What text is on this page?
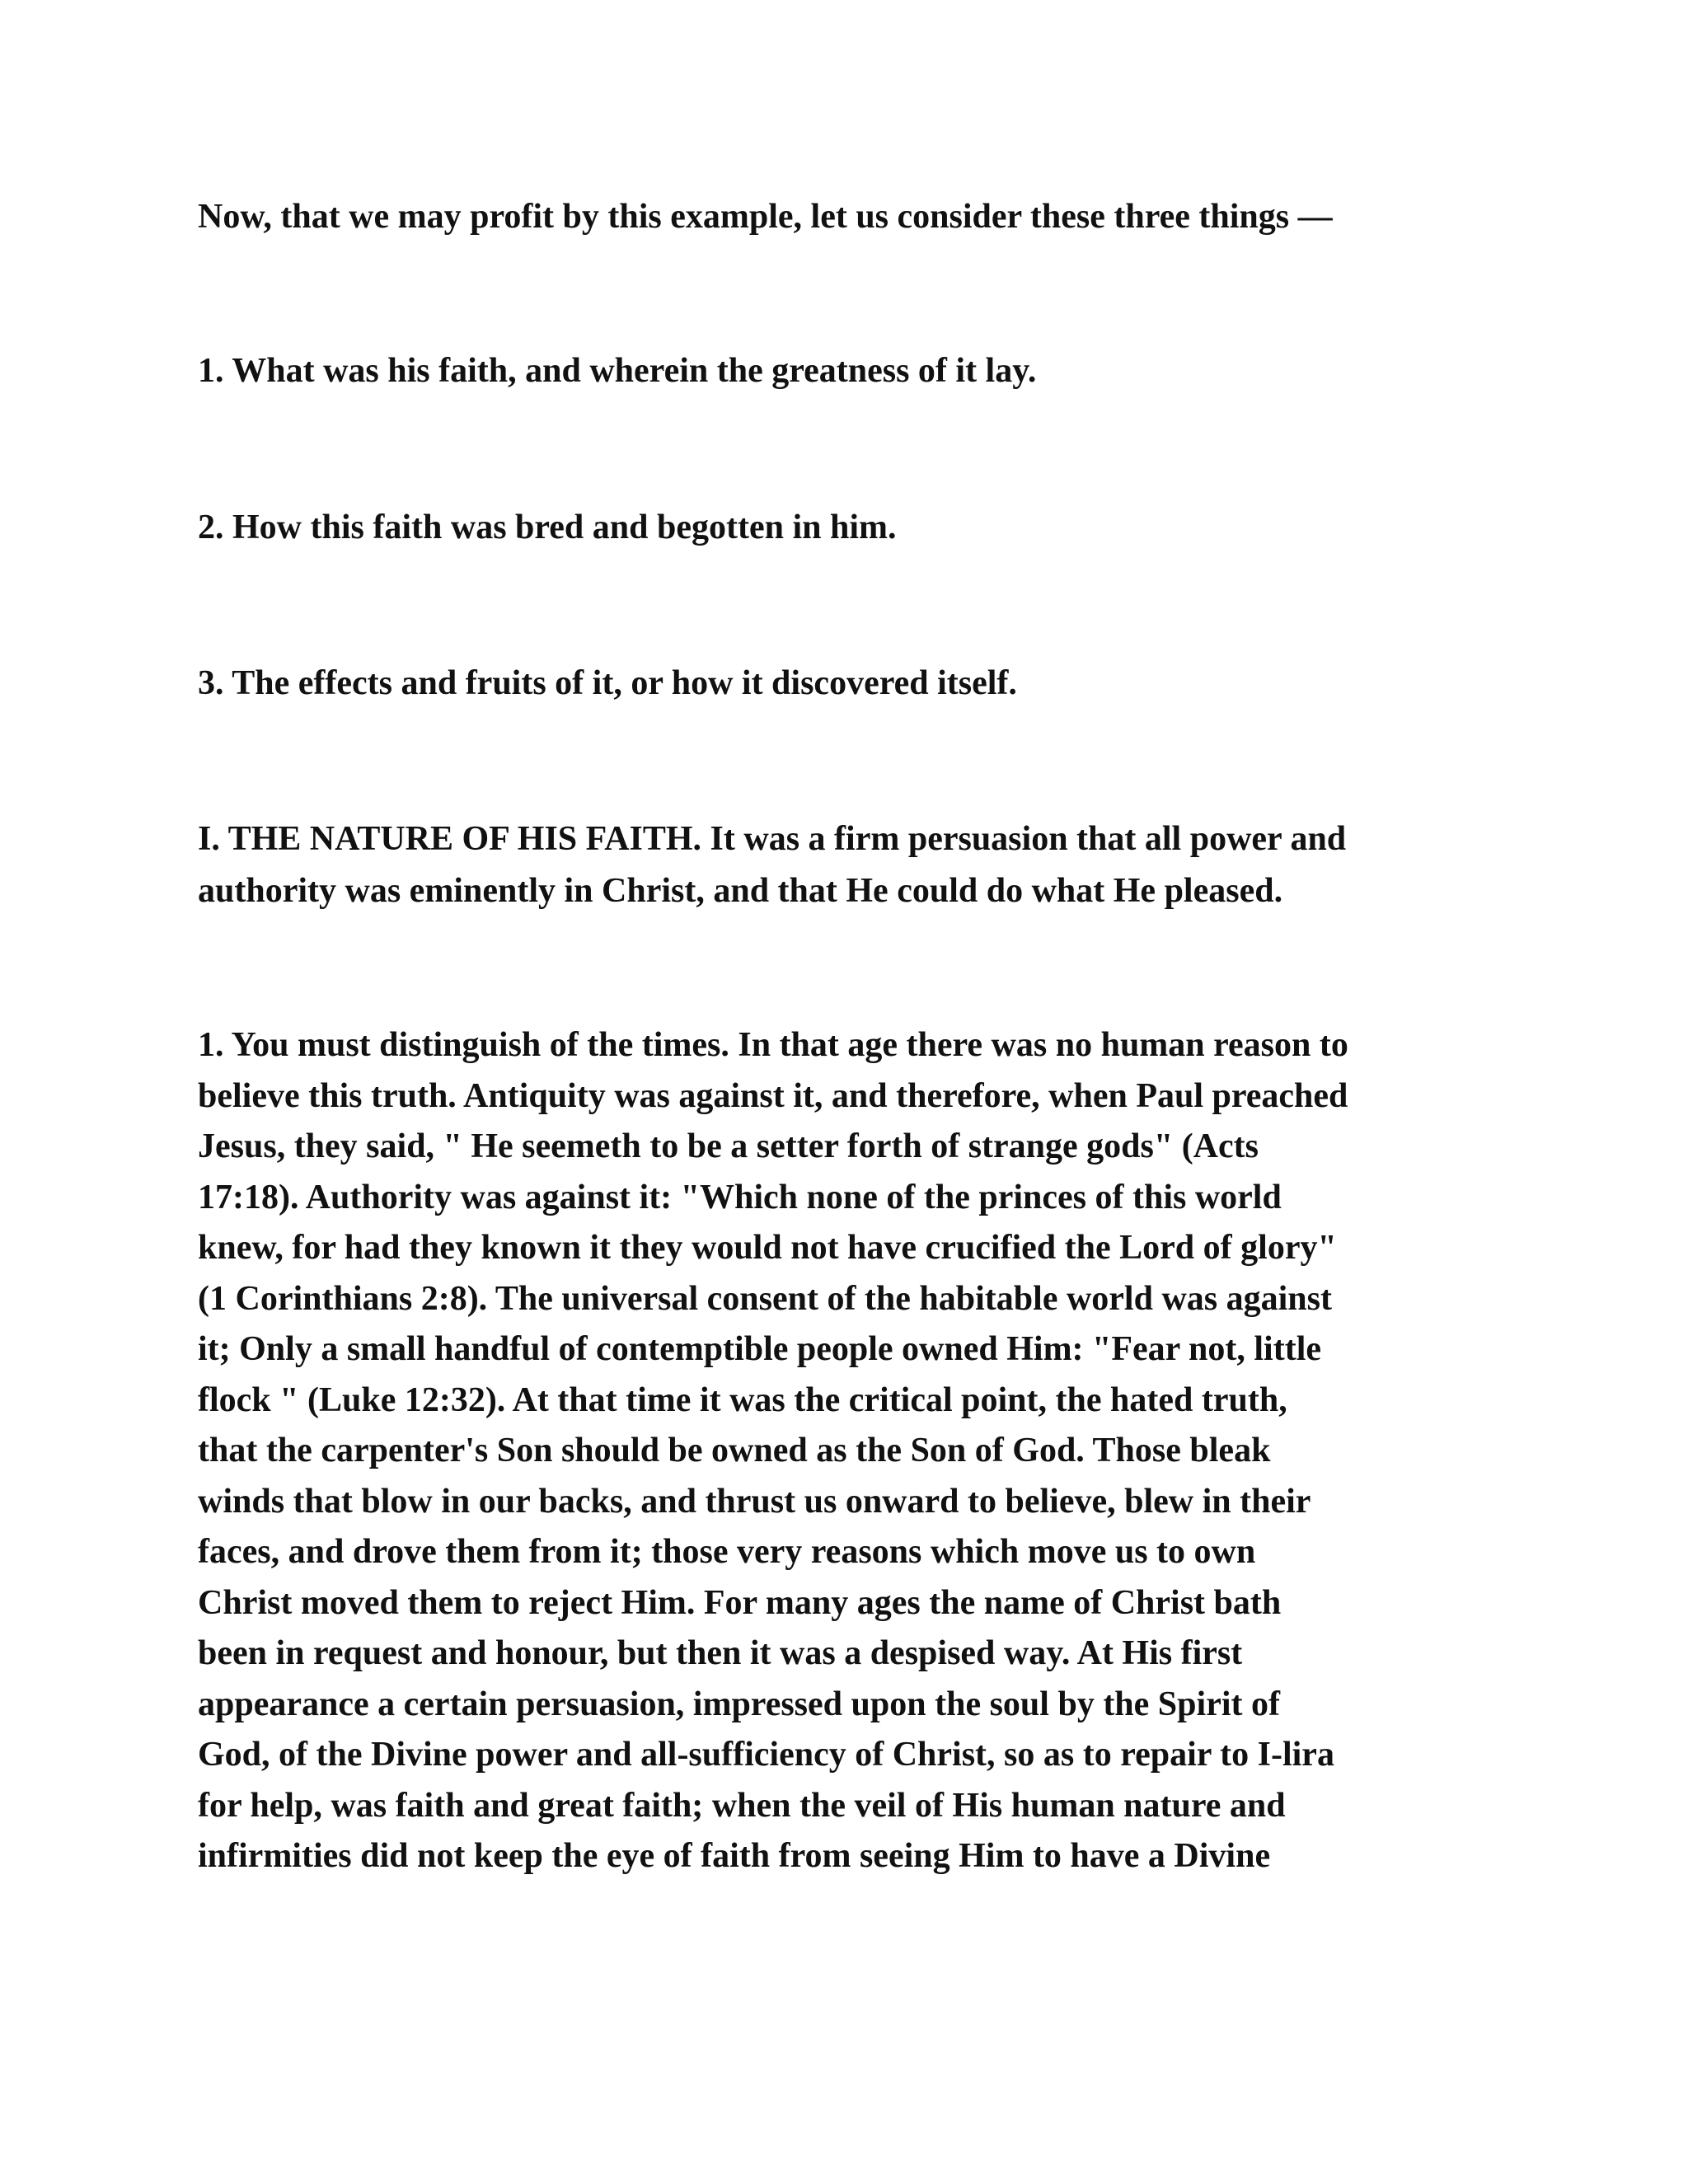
Now, that we may profit by this example, let us consider these three things —

1. What was his faith, and wherein the greatness of it lay.

2. How this faith was bred and begotten in him.

3. The effects and fruits of it, or how it discovered itself.

I. THE NATURE OF HIS FAITH. It was a firm persuasion that all power and

authority was eminently in Christ, and that He could do what He pleased.

1. You must distinguish of the times. In that age there was no human reason to

believe this truth. Antiquity was against it, and therefore, when Paul preached

Jesus, they said, " He seemeth to be a setter forth of strange gods" (Acts

17:18). Authority was against it: "Which none of the princes of this world

knew, for had they known it they would not have crucified the Lord of glory"

(1 Corinthians 2:8). The universal consent of the habitable world was against

it; Only a small handful of contemptible people owned Him: "Fear not, little

flock " (Luke 12:32). At that time it was the critical point, the hated truth,

that the carpenter's Son should be owned as the Son of God. Those bleak

winds that blow in our backs, and thrust us onward to believe, blew in their

faces, and drove them from it; those very reasons which move us to own

Christ moved them to reject Him. For many ages the name of Christ bath

been in request and honour, but then it was a despised way. At His first

appearance a certain persuasion, impressed upon the soul by the Spirit of

God, of the Divine power and all-sufficiency of Christ, so as to repair to I-lira

for help, was faith and great faith; when the veil of His human nature and

infirmities did not keep the eye of faith from seeing Him to have a Divine
